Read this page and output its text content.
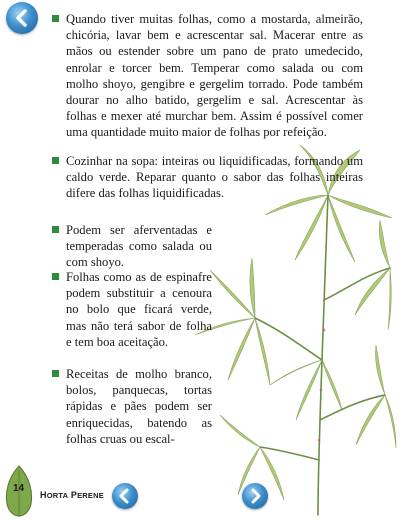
Quando tiver muitas folhas, como a mostarda, almeirão, chicória, lavar bem e acrescentar sal. Macerar entre as mãos ou estender sobre um pano de prato umedecido, enrolar e torcer bem. Temperar como salada ou com molho shoyo, gengibre e gergelim torrado. Pode também dourar no alho batido, gergelim e sal. Acrescentar às folhas e mexer até murchar bem. Assim é possível comer uma quantidade muito maior de folhas por refeição.

Cozinhar na sopa: inteiras ou liquidificadas, formando um caldo verde. Reparar quanto o sabor das folhas inteiras difere das folhas liquidificadas.

Podem ser aferventadas e temperadas como salada ou com shoyo.

Folhas como as de espinafre podem substituir a cenoura no bolo que ficará verde, mas não terá sabor de folha e tem boa aceitação.

Receitas de molho branco, bolos, panquecas, tortas rápidas e pães podem ser enriquecidas, batendo as folhas cruas ou escal-

14
HORTA PERENE
